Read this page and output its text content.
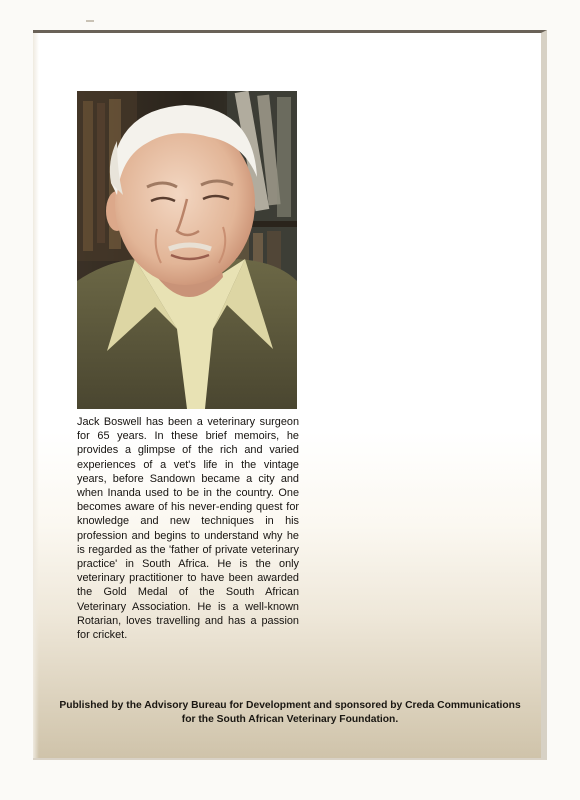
Jack Boswell has been a veterinary surgeon for 65 years. In these brief memoirs, he provides a glimpse of the rich and varied experiences of a vet's life in the vintage years, before Sandown became a city and when Inanda used to be in the country. One becomes aware of his never-ending quest for knowledge and new techniques in his profession and begins to understand why he is regarded as the 'father of private veterinary practice' in South Africa. He is the only veterinary practitioner to have been awarded the Gold Medal of the South African Veterinary Association. He is a well-known Rotarian, loves travelling and has a passion for cricket.

Published by the Advisory Bureau for Development and sponsored by Creda Communications
for the South African Veterinary Foundation.
